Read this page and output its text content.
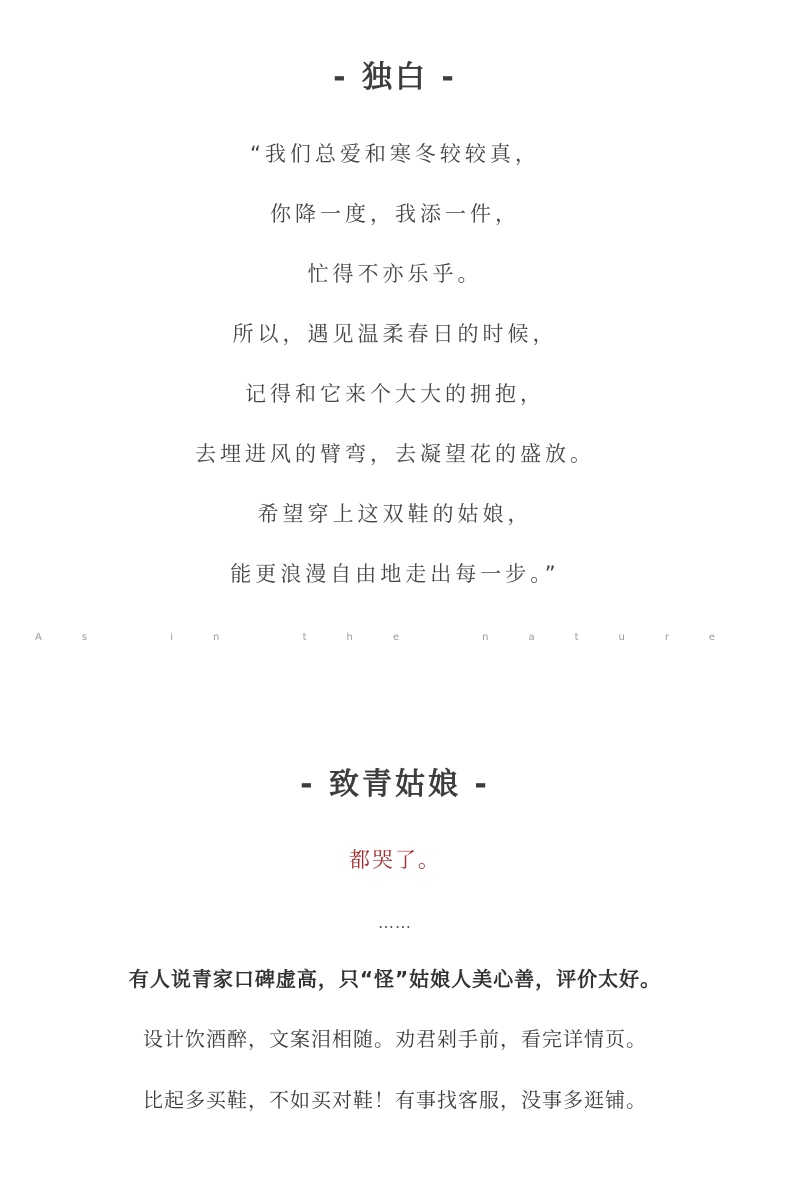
- 独白 -
“我们总爱和寒冬较较真，
你降一度，我添一件，
忙得不亦乐乎。
所以，遇见温柔春日的时候，
记得和它来个大大的拥抱，
去埋进风的臂弯，去凝望花的盛放。
希望穿上这双鞋的姑娘，
能更浪漫自由地走出每一步。”
As in the nature
- 致青姑娘 -
都哭了。
……
有人说青家口碑虚高，只“怪”姑娘人美心善，评价太好。
设计饮酒醉，文案泪相随。劝君剁手前，看完详情页。
比起多买鞋，不如买对鞋！有事找客服，没事多逛铺。
